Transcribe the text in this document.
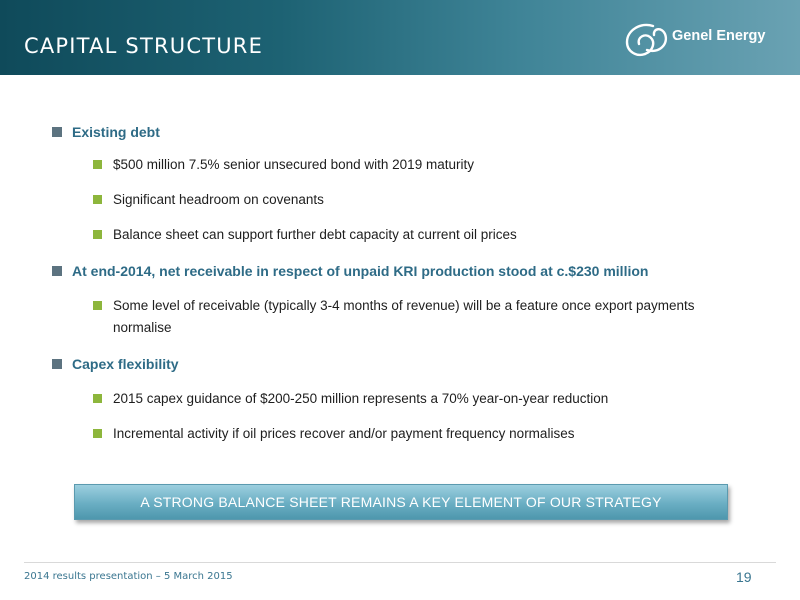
CAPITAL STRUCTURE	Genel Energy
Existing debt
$500 million 7.5% senior unsecured bond with 2019 maturity
Significant headroom on covenants
Balance sheet can support further debt capacity at current oil prices
At end-2014, net receivable in respect of unpaid KRI production stood at c.$230 million
Some level of receivable (typically 3-4 months of revenue) will be a feature once export payments normalise
Capex flexibility
2015 capex guidance of $200-250 million represents a 70% year-on-year reduction
Incremental activity if oil prices recover and/or payment frequency normalises
A STRONG BALANCE SHEET REMAINS A KEY ELEMENT OF OUR STRATEGY
2014 results presentation – 5 March 2015	19
